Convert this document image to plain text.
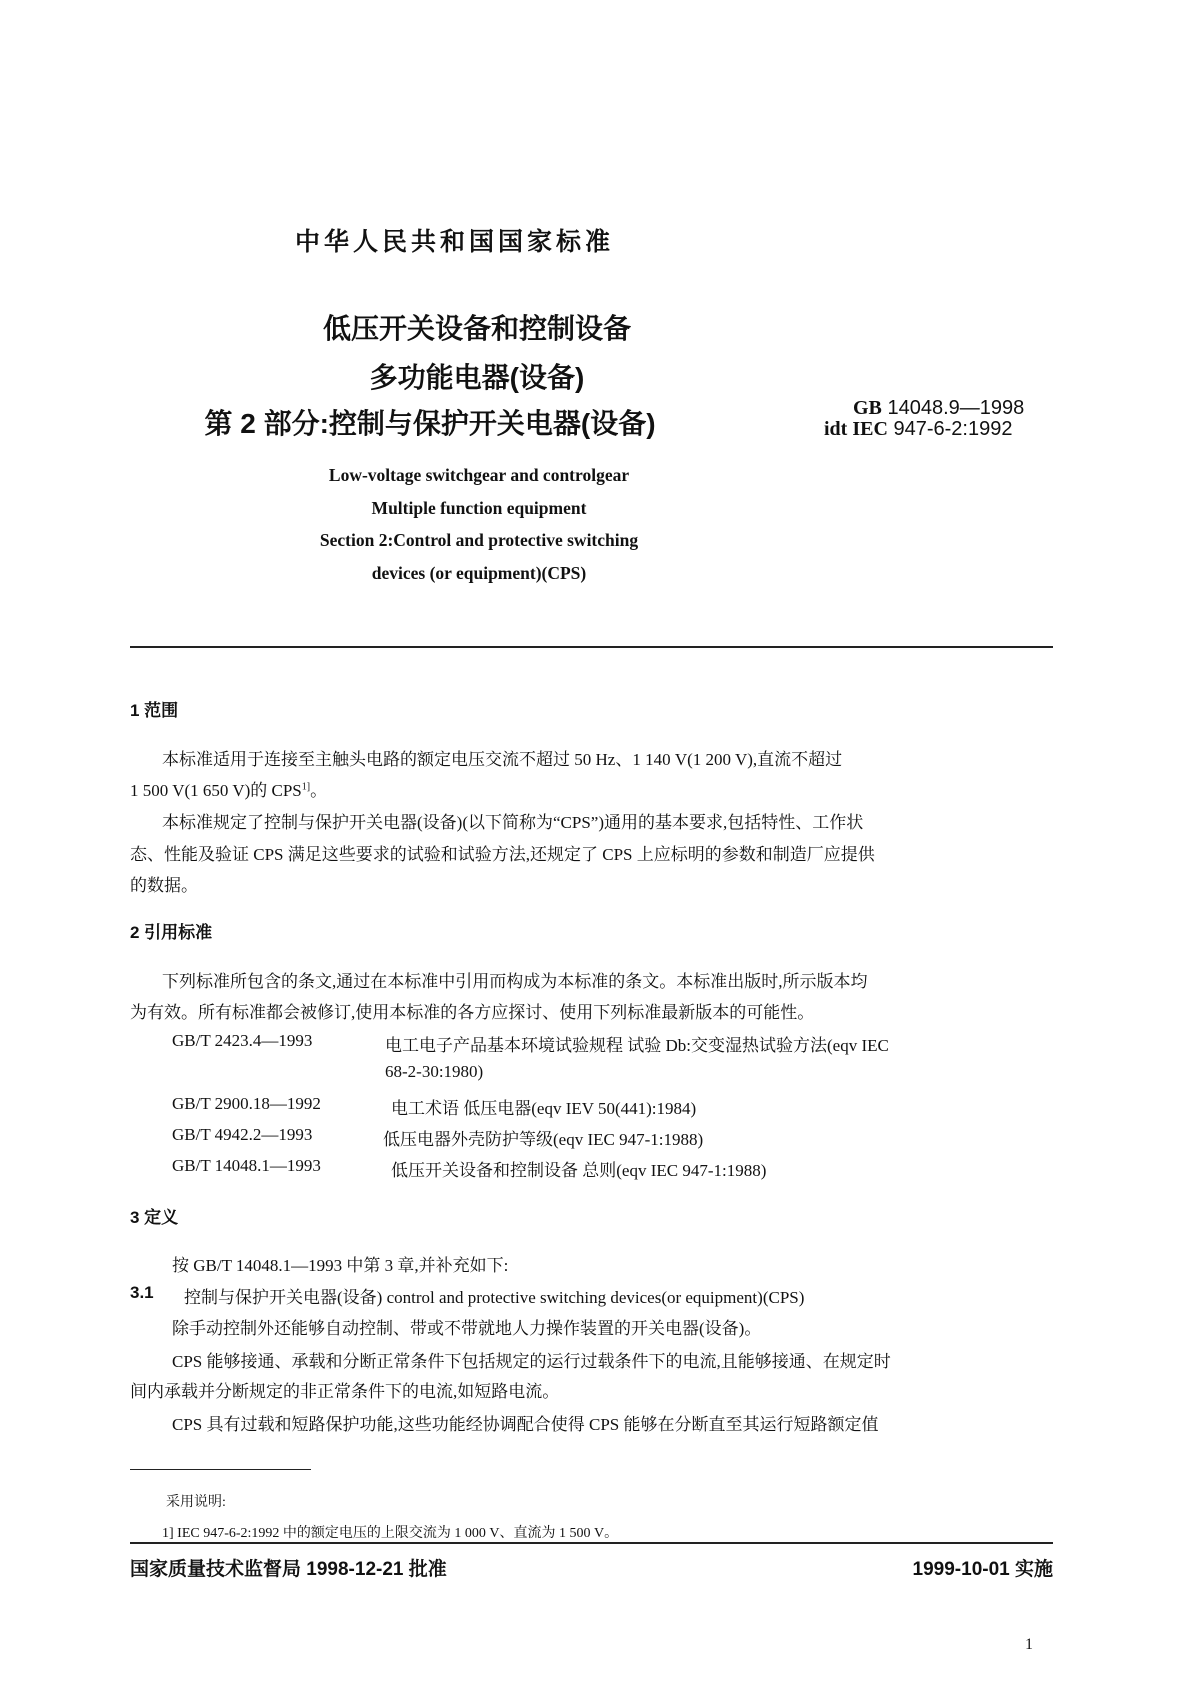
中华人民共和国国家标准
低压开关设备和控制设备
多功能电器(设备)
第 2 部分:控制与保护开关电器(设备)	GB 14048.9—1998
idt IEC 947-6-2:1992
Low-voltage switchgear and controlgear
Multiple function equipment
Section 2:Control and protective switching
devices (or equipment)(CPS)
1 范围
本标准适用于连接至主触头电路的额定电压交流不超过 50 Hz、1 140 V(1 200 V),直流不超过
1 500 V(1 650 V)的 $CPS^{1]}$。
本标准规定了控制与保护开关电器(设备)(以下简称为“CPS”)通用的基本要求,包括特性、工作状
态、性能及验证 CPS 满足这些要求的试验和试验方法,还规定了 CPS 上应标明的参数和制造厂应提供
的数据。
2 引用标准
下列标准所包含的条文,通过在本标准中引用而构成为本标准的条文。本标准出版时,所示版本均
为有效。所有标准都会被修订,使用本标准的各方应探讨、使用下列标准最新版本的可能性。
GB/T 2423.4—1993	电工电子产品基本环境试验规程 试验 Db:交变湿热试验方法(eqv IEC
68-2-30:1980)
GB/T 2900.18—1992	电工术语 低压电器(eqv IEV 50(441):1984)
GB/T 4942.2—1993	低压电器外壳防护等级(eqv IEC 947-1:1988)
GB/T 14048.1—1993	低压开关设备和控制设备 总则(eqv IEC 947-1:1988)
3 定义
按 GB/T 14048.1—1993 中第 3 章,并补充如下:
3.1 控制与保护开关电器(设备) control and protective switching devices(or equipment)(CPS)
除手动控制外还能够自动控制、带或不带就地人力操作装置的开关电器(设备)。
CPS 能够接通、承载和分断正常条件下包括规定的运行过载条件下的电流,且能够接通、在规定时
间内承载并分断规定的非正常条件下的电流,如短路电流。
CPS 具有过载和短路保护功能,这些功能经协调配合使得 CPS 能够在分断直至其运行短路额定值
采用说明:
1] IEC 947-6-2:1992 中的额定电压的上限交流为 1 000 V、直流为 1 500 V。
国家质量技术监督局 1998-12-21 批准	1999-10-01 实施
1
